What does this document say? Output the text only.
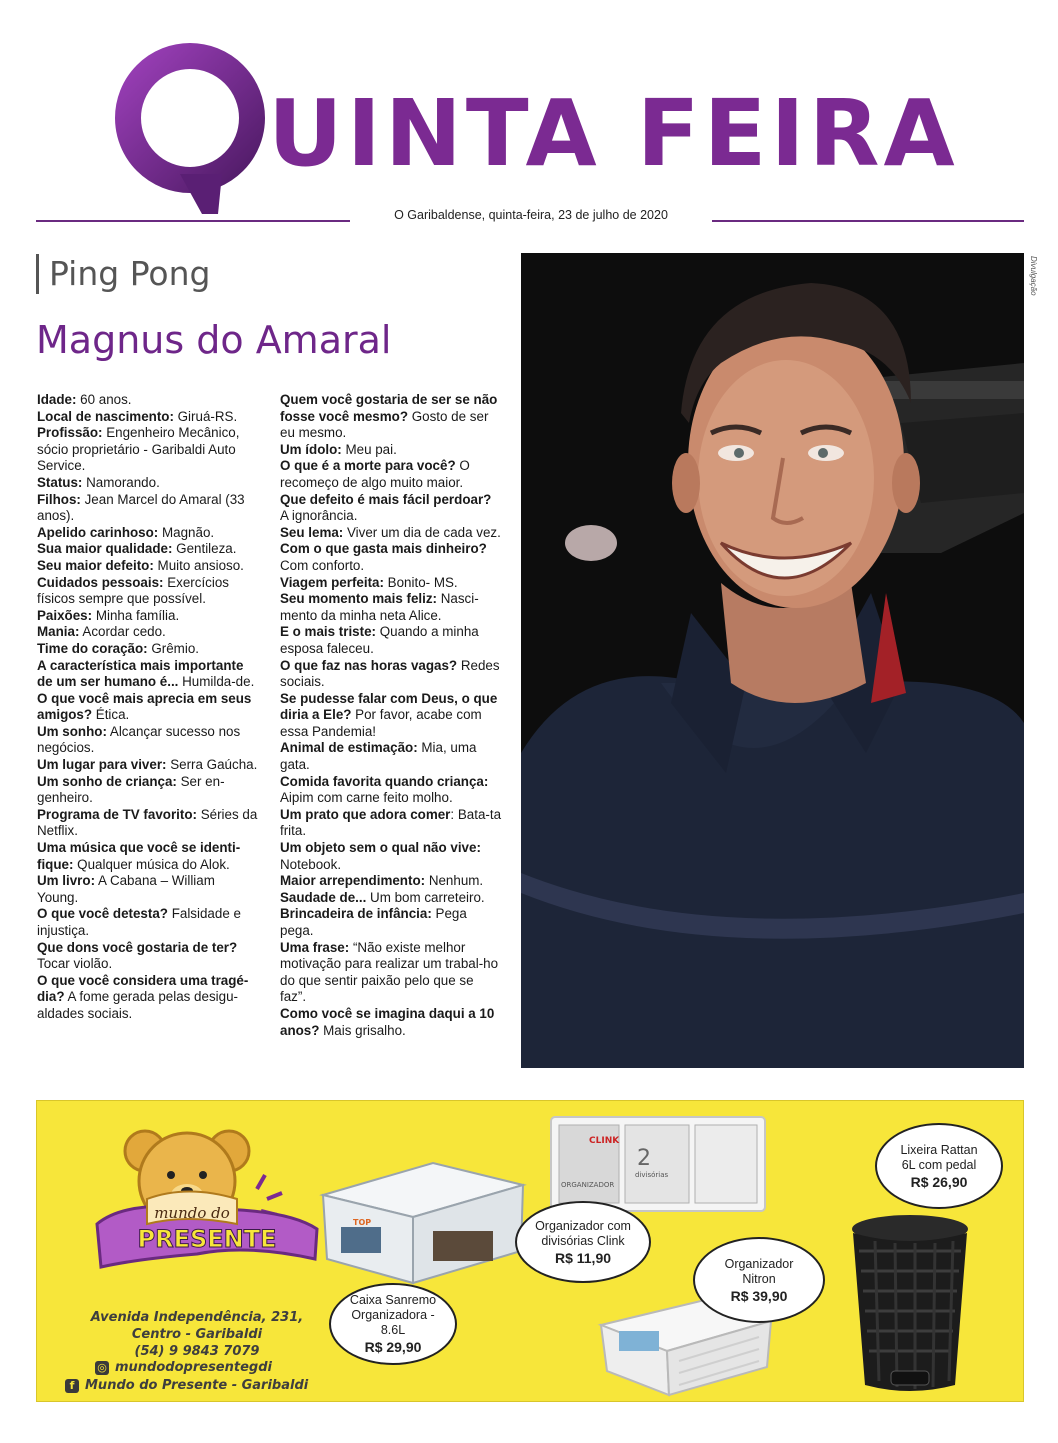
UINTA FEIRA
O Garibaldense, quinta-feira, 23 de julho de 2020
Ping Pong
Magnus do Amaral
Idade: 60 anos.
Local de nascimento: Giruá-RS.
Profissão: Engenheiro Mecânico, sócio proprietário - Garibaldi Auto Service.
Status: Namorando.
Filhos: Jean Marcel do Amaral (33 anos).
Apelido carinhoso: Magnão.
Sua maior qualidade: Gentileza.
Seu maior defeito: Muito ansioso.
Cuidados pessoais: Exercícios físicos sempre que possível.
Paixões: Minha família.
Mania: Acordar cedo.
Time do coração: Grêmio.
A característica mais importante de um ser humano é... Humilda-de.
O que você mais aprecia em seus amigos? Ética.
Um sonho: Alcançar sucesso nos negócios.
Um lugar para viver: Serra Gaúcha.
Um sonho de criança: Ser en-genheiro.
Programa de TV favorito: Séries da Netflix.
Uma música que você se identi-fique: Qualquer música do Alok.
Um livro: A Cabana – William Young.
O que você detesta? Falsidade e injustiça.
Que dons você gostaria de ter? Tocar violão.
O que você considera uma tragé-dia? A fome gerada pelas desigu-aldades sociais.
Quem você gostaria de ser se não fosse você mesmo? Gosto de ser eu mesmo.
Um ídolo: Meu pai.
O que é a morte para você? O recomeço de algo muito maior.
Que defeito é mais fácil perdoar? A ignorância.
Seu lema: Viver um dia de cada vez.
Com o que gasta mais dinheiro? Com conforto.
Viagem perfeita: Bonito- MS.
Seu momento mais feliz: Nasci-mento da minha neta Alice.
E o mais triste: Quando a minha esposa faleceu.
O que faz nas horas vagas? Redes sociais.
Se pudesse falar com Deus, o que diria a Ele? Por favor, acabe com essa Pandemia!
Animal de estimação: Mia, uma gata.
Comida favorita quando criança: Aipim com carne feito molho.
Um prato que adora comer: Bata-ta frita.
Um objeto sem o qual não vive: Notebook.
Maior arrependimento: Nenhum.
Saudade de... Um bom carreteiro.
Brincadeira de infância: Pega pega.
Uma frase: “Não existe melhor motivação para realizar um trabal-ho do que sentir paixão pelo que se faz”.
Como você se imagina daqui a 10 anos? Mais grisalho.
Divulgação
mundo do
PRESENTE
Avenida Independência, 231,
Centro - Garibaldi
(54) 9 9843 7079
◎ mundodopresentegdi
f Mundo do Presente - Garibaldi
TOP
CLINK
ORGANIZADOR
2
divisórias
Caixa Sanremo Organizadora - 8.6L
R$ 29,90
Organizador com divisórias Clink
R$ 11,90	Organizador Nitron
R$ 39,90
Lixeira Rattan 6L com pedal
R$ 26,90
